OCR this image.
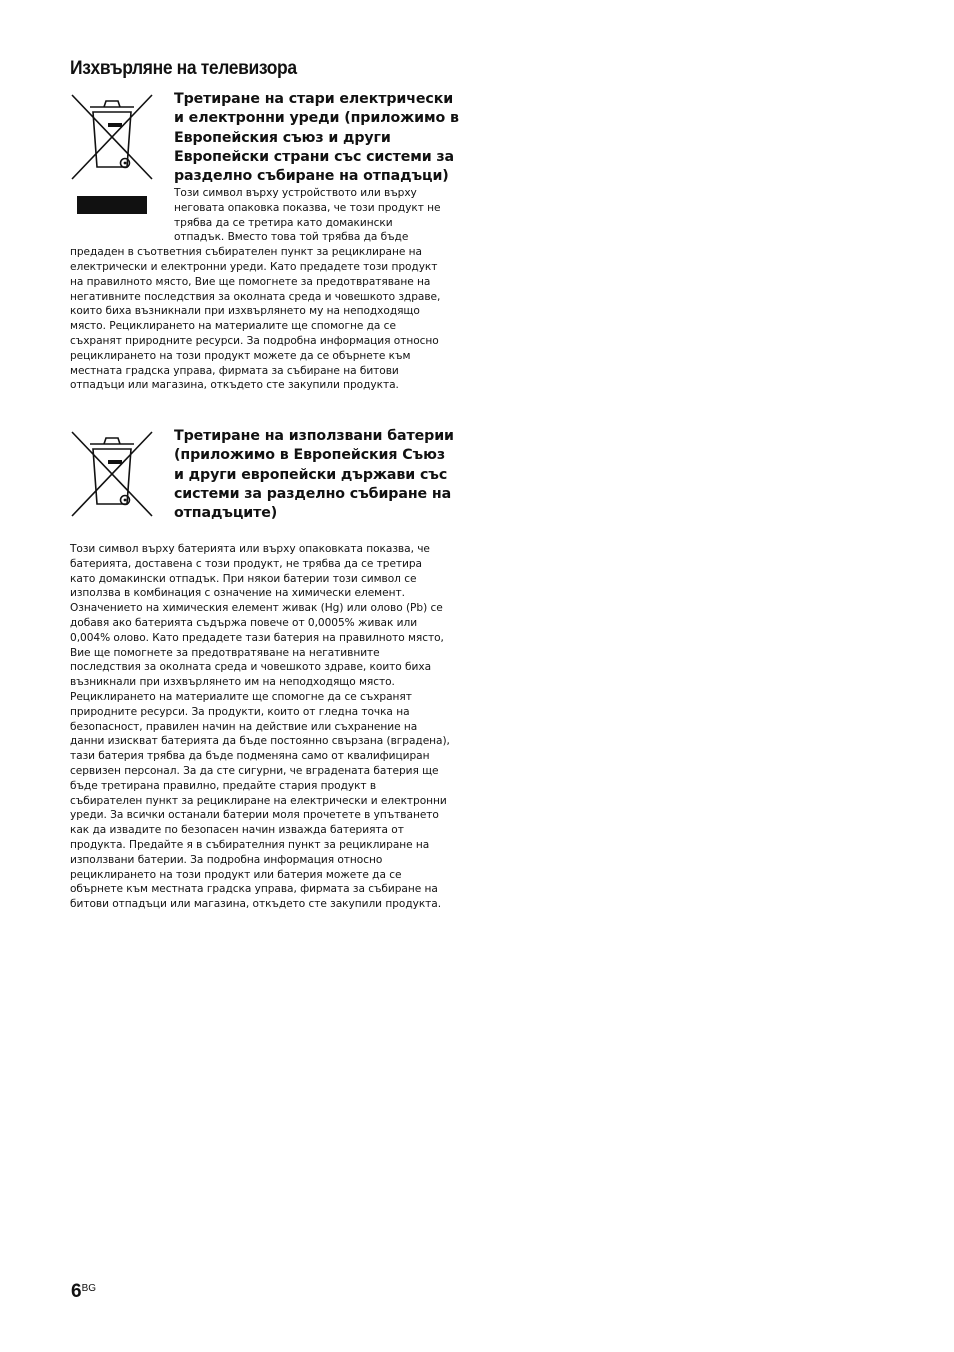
Изхвърляне на телевизора
Третиране на стари електрически и електронни уреди (приложимо в Европейския съюз и други Европейски страни със системи за разделно събиране на отпадъци)
Този символ върху устройството или върху неговата опаковка показва, че този продукт не трябва да се третира като домакински отпадък. Вместо това той трябва да бъде предаден в съответния събирателен пункт за рециклиране на електрически и електронни уреди. Като предадете този продукт на правилното място, Вие ще помогнете за предотвратяване на негативните последствия за околната среда и човешкото здраве, които биха възникнали при изхвърлянето му на неподходящо място. Рециклирането на материалите ще спомогне да се съхранят природните ресурси. За подробна информация относно рециклирането на този продукт можете да се обърнете към местната градска управа, фирмата за събиране на битови отпадъци или магазина, откъдето сте закупили продукта.
Третиране на използвани батерии (приложимо в Европейския Съюз и други европейски държави със системи за разделно събиране на отпадъците)

Този символ върху батерията или върху опаковката показва, че батерията, доставена с този продукт, не трябва да се третира като домакински отпадък. При някои батерии този символ се използва в комбинация с означение на химически елемент. Означението на химическия елемент живак (Hg) или олово (Pb) се добавя ако батерията съдържа повече от 0,0005% живак или 0,004% олово. Като предадете тази батерия на правилното място, Вие ще помогнете за предотвратяване на негативните последствия за околната среда и човешкото здраве, които биха възникнали при изхвърлянето им на неподходящо място. Рециклирането на материалите ще спомогне да се съхранят природните ресурси. За продукти, които от гледна точка на безопасност, правилен начин на действие или съхранение на данни изискват батерията да бъде постоянно свързана (вградена), тази батерия трябва да бъде подменяна само от квалифициран сервизен персонал. За да сте сигурни, че вградената батерия ще бъде третирана правилно, предайте стария продукт в събирателен пункт за рециклиране на електрически и електронни уреди. За всички останали батерии моля прочетете в упътването как да извадите по безопасен начин изважда батерията от продукта. Предайте я в събирателния пункт за рециклиране на използвани батерии. За подробна информация относно рециклирането на този продукт или батерия можете да се обърнете към местната градска управа, фирмата за събиране на битови отпадъци или магазина, откъдето сте закупили продукта.

$6^{BG}$
